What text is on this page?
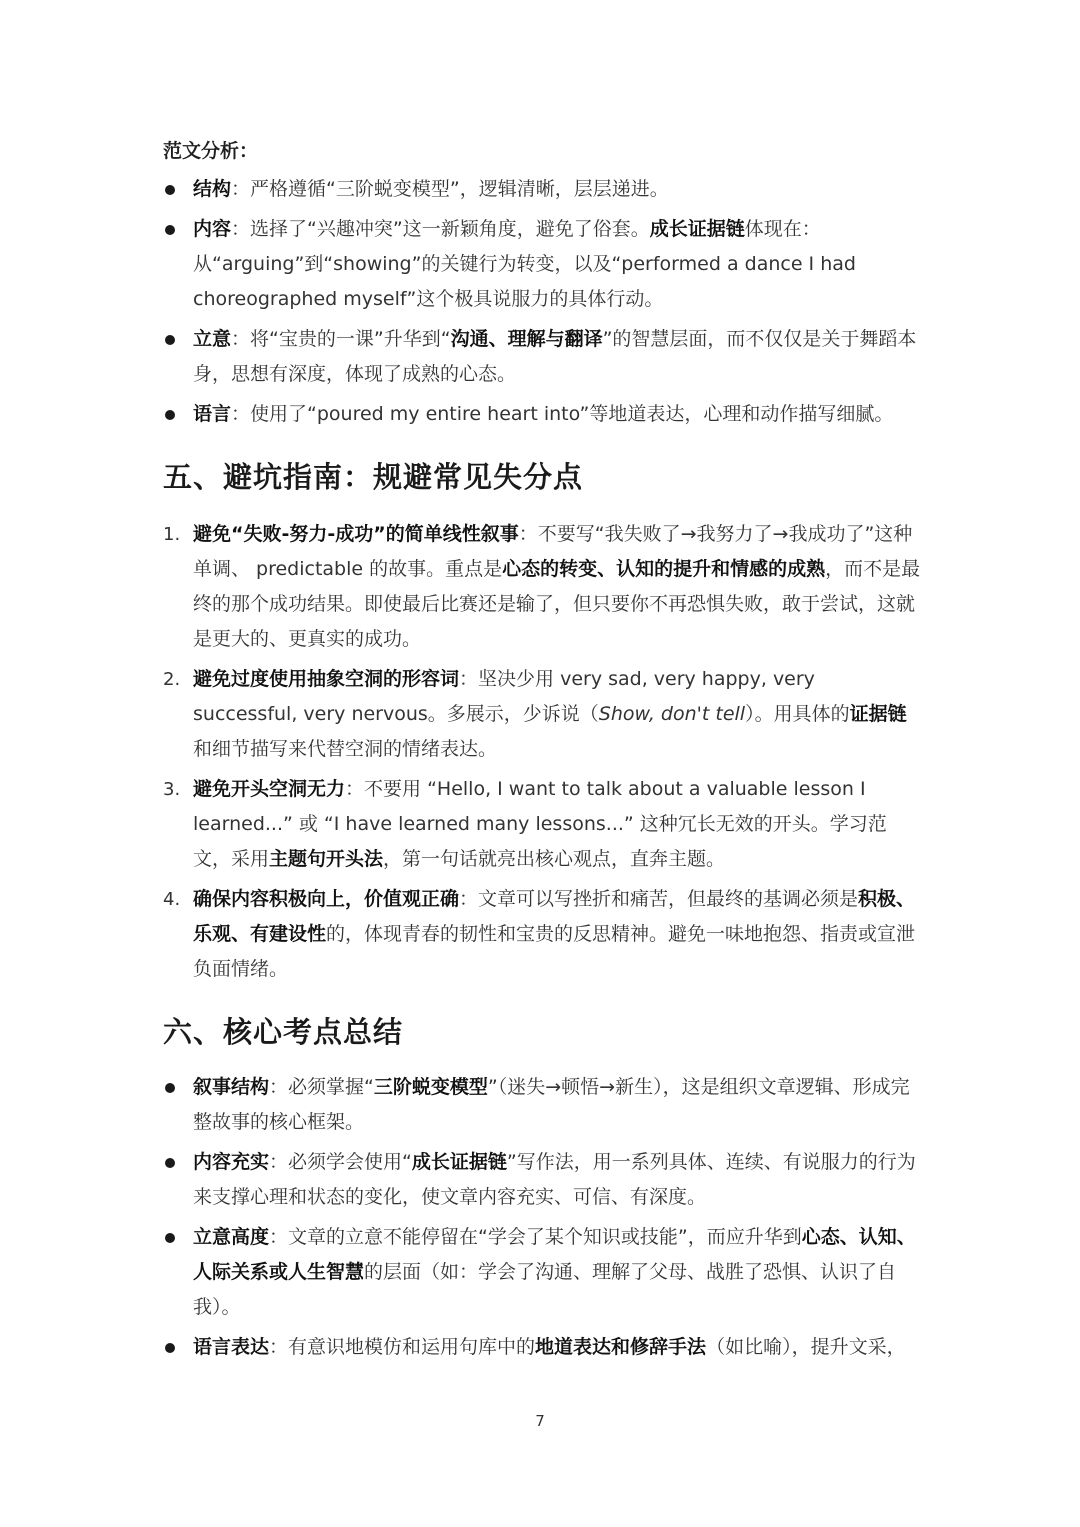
范文分析：
结构：严格遵循“三阶蜕变模型”，逻辑清晰，层层递进。
内容：选择了“兴趣冲突”这一新颖角度，避免了俗套。成长证据链体现在：从“arguing”到“showing”的关键行为转变，以及“performed a dance I had choreographed myself”这个极具说服力的具体行动。
立意：将“宝贵的一课”升华到“沟通、理解与翻译”的智慧层面，而不仅仅是关于舞蹈本身，思想有深度，体现了成熟的心态。
语言：使用了“poured my entire heart into”等地道表达，心理和动作描写细腻。
五、避坑指南：规避常见失分点
1. 避免“失败-努力-成功”的简单线性叙事：不要写“我失败了→我努力了→我成功了”这种单调、 predictable 的故事。重点是心态的转变、认知的提升和情感的成熟，而不是最终的那个成功结果。即使最后比赛还是输了，但只要你不再恐惧失败，敢于尝试，这就是更大的、更真实的成功。
2. 避免过度使用抽象空洞的形容词：坚决少用 very sad, very happy, very successful, very nervous。多展示，少诉说（Show, don't tell）。用具体的证据链和细节描写来代替空洞的情绪表达。
3. 避免开头空洞无力：不要用 “Hello, I want to talk about a valuable lesson I learned...” 或 “I have learned many lessons...” 这种冗长无效的开头。学习范文，采用主题句开头法，第一句话就亮出核心观点，直奔主题。
4. 确保内容积极向上，价值观正确：文章可以写挫折和痛苦，但最终的基调必须是积极、乐观、有建设性的，体现青春的韧性和宝贵的反思精神。避免一味地抱怨、指责或宣泄负面情绪。
六、核心考点总结
叙事结构：必须掌握“三阶蜕变模型”（迷失→顿悟→新生），这是组织文章逻辑、形成完整故事的核心框架。
内容充实：必须学会使用“成长证据链”写作法，用一系列具体、连续、有说服力的行为来支撑心理和状态的变化，使文章内容充实、可信、有深度。
立意高度：文章的立意不能停留在“学会了某个知识或技能”，而应升华到心态、认知、人际关系或人生智慧的层面（如：学会了沟通、理解了父母、战胜了恐惧、认识了自我）。
语言表达：有意识地模仿和运用句库中的地道表达和修辞手法（如比喻），提升文采，
7
